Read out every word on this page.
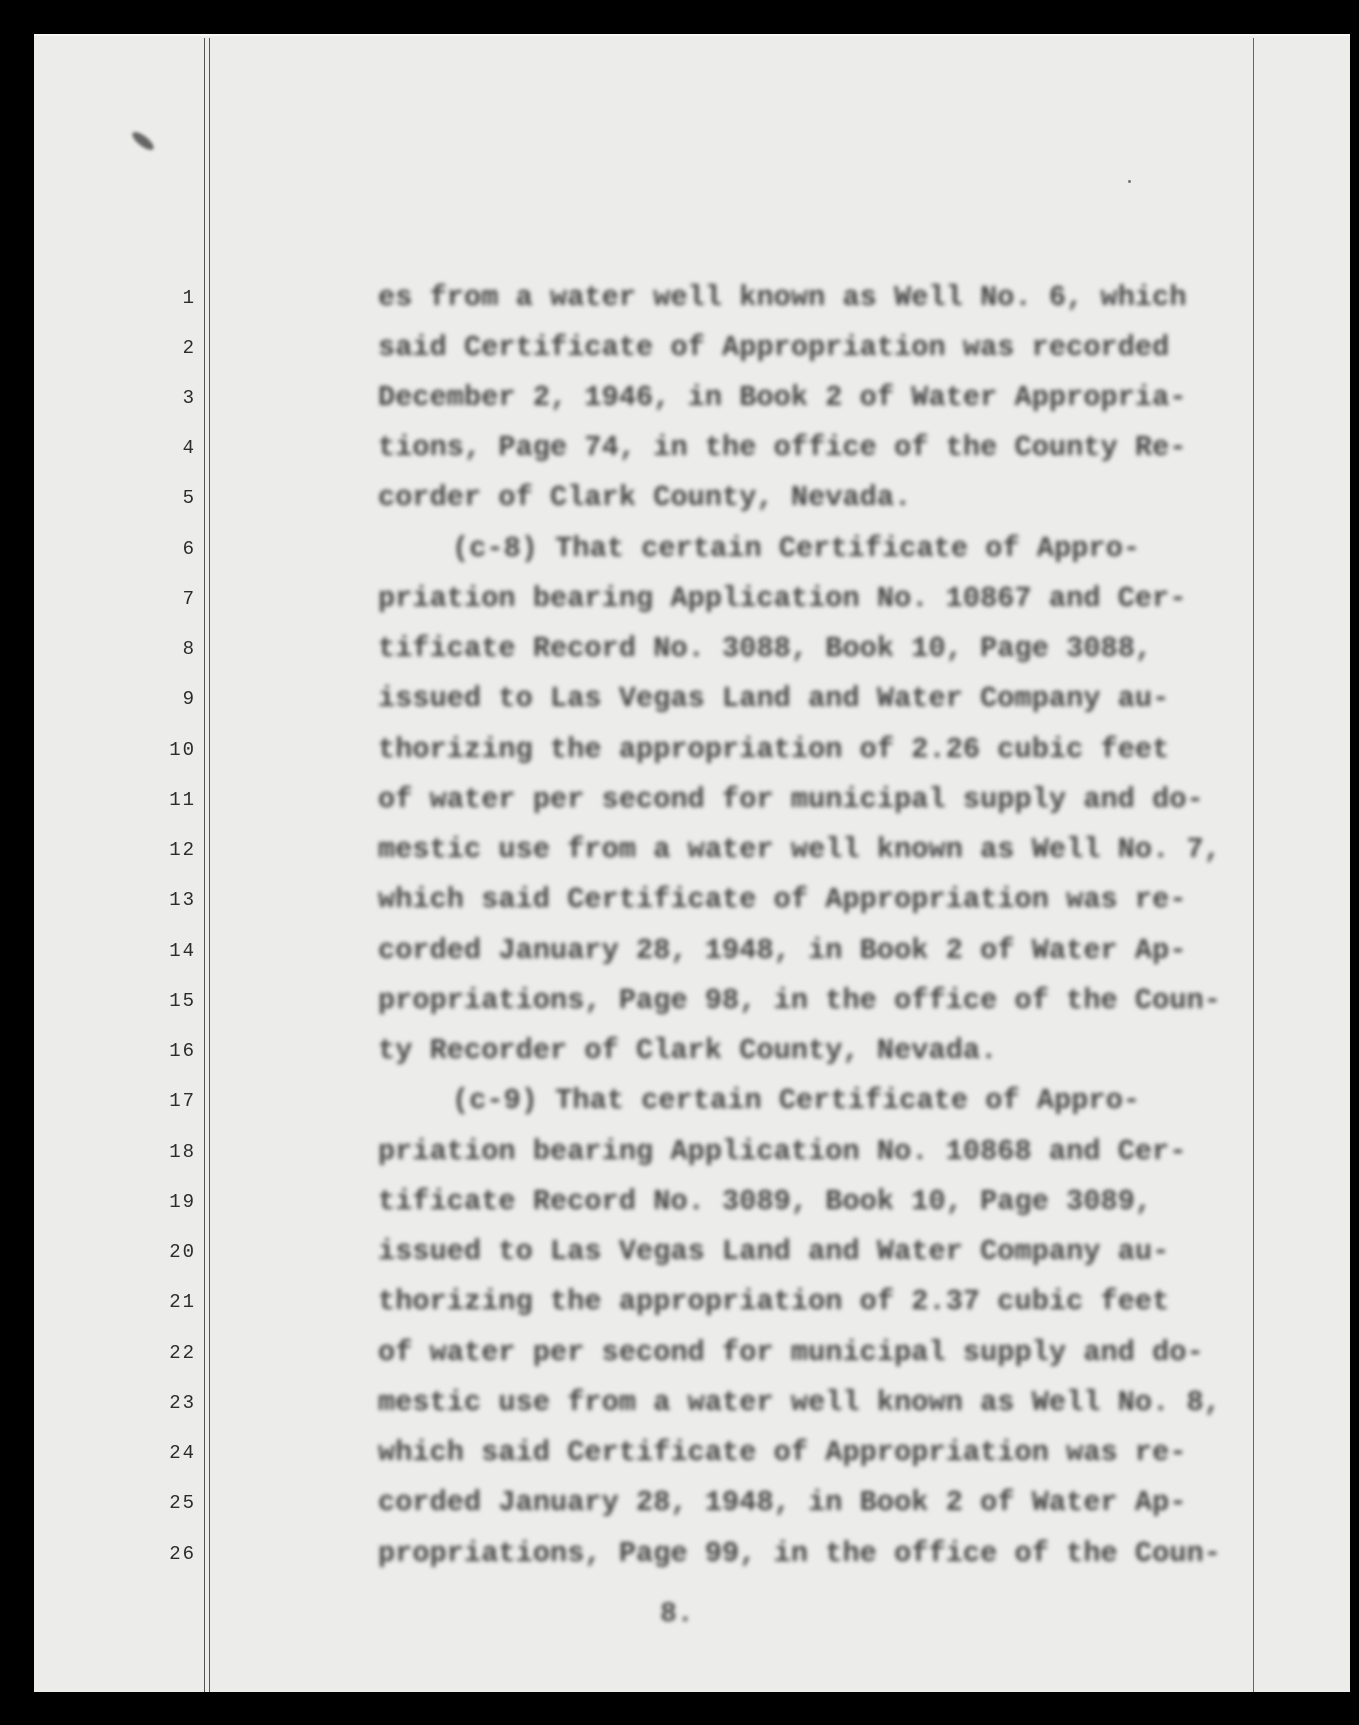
1
2
3
4
5
6
7
8
9
10
11
12
13
14
15
16
17
18
19
20
21
22
23
24
25
26
es from a water well known as Well No. 6, which
said Certificate of Appropriation was recorded
December 2, 1946, in Book 2 of Water Appropria-
tions, Page 74, in the office of the County Re-
corder of Clark County, Nevada.
(c-8) That certain Certificate of Appro-
priation bearing Application No. 10867 and Cer-
tificate Record No. 3088, Book 10, Page 3088,
issued to Las Vegas Land and Water Company au-
thorizing the appropriation of 2.26 cubic feet
of water per second for municipal supply and do-
mestic use from a water well known as Well No. 7,
which said Certificate of Appropriation was re-
corded January 28, 1948, in Book 2 of Water Ap-
propriations, Page 98, in the office of the Coun-
ty Recorder of Clark County, Nevada.
(c-9) That certain Certificate of Appro-
priation bearing Application No. 10868 and Cer-
tificate Record No. 3089, Book 10, Page 3089,
issued to Las Vegas Land and Water Company au-
thorizing the appropriation of 2.37 cubic feet
of water per second for municipal supply and do-
mestic use from a water well known as Well No. 8,
which said Certificate of Appropriation was re-
corded January 28, 1948, in Book 2 of Water Ap-
propriations, Page 99, in the office of the Coun-
8.
